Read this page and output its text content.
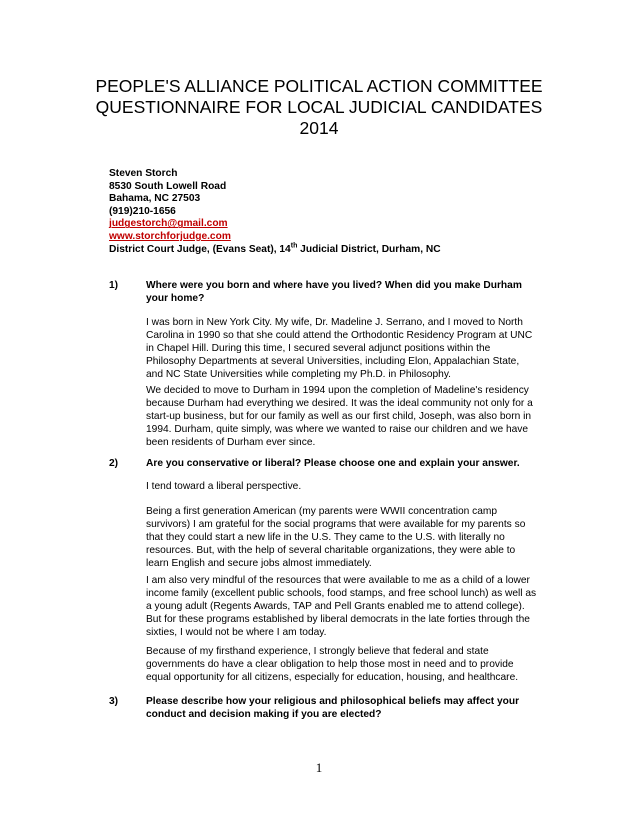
PEOPLE'S ALLIANCE POLITICAL ACTION COMMITTEE
QUESTIONNAIRE FOR LOCAL JUDICIAL CANDIDATES
2014
Steven Storch
8530 South Lowell Road
Bahama, NC 27503
(919)210-1656
judgestorch@gmail.com
www.storchforjudge.com
District Court Judge, (Evans Seat), 14th Judicial District, Durham, NC
1)	Where were you born and where have you lived? When did you make Durham
your home?
I was born in New York City. My wife, Dr. Madeline J. Serrano, and I moved to North
Carolina in 1990 so that she could attend the Orthodontic Residency Program at UNC
in Chapel Hill. During this time, I secured several adjunct positions within the
Philosophy Departments at several Universities, including Elon, Appalachian State,
and NC State Universities while completing my Ph.D. in Philosophy.
We decided to move to Durham in 1994 upon the completion of Madeline's residency
because Durham had everything we desired. It was the ideal community not only for a
start-up business, but for our family as well as our first child, Joseph, was also born in
1994. Durham, quite simply, was where we wanted to raise our children and we have
been residents of Durham ever since.
2)	Are you conservative or liberal? Please choose one and explain your answer.
I tend toward a liberal perspective.
Being a first generation American (my parents were WWII concentration camp
survivors) I am grateful for the social programs that were available for my parents so
that they could start a new life in the U.S. They came to the U.S. with literally no
resources. But, with the help of several charitable organizations, they were able to
learn English and secure jobs almost immediately.
I am also very mindful of the resources that were available to me as a child of a lower
income family (excellent public schools, food stamps, and free school lunch) as well as
a young adult (Regents Awards, TAP and Pell Grants enabled me to attend college).
But for these programs established by liberal democrats in the late forties through the
sixties, I would not be where I am today.
Because of my firsthand experience, I strongly believe that federal and state
governments do have a clear obligation to help those most in need and to provide
equal opportunity for all citizens, especially for education, housing, and healthcare.
3)	Please describe how your religious and philosophical beliefs may affect your
conduct and decision making if you are elected?
1
